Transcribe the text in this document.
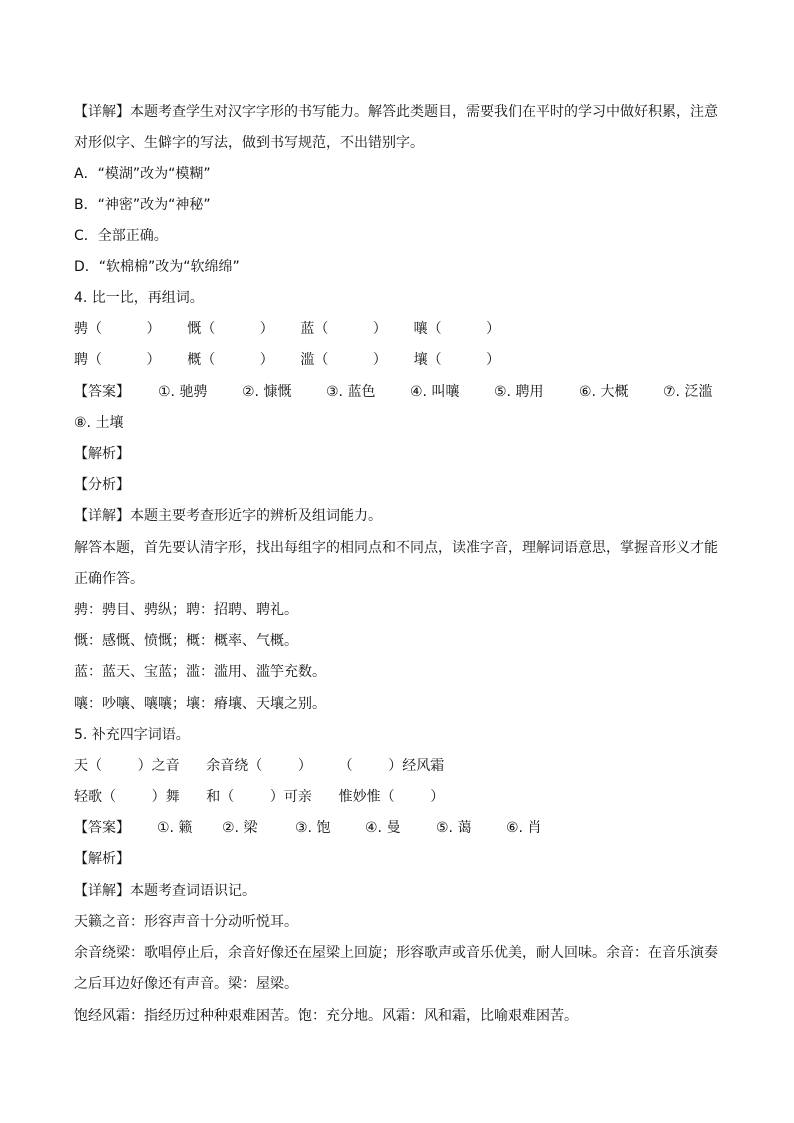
【详解】本题考查学生对汉字字形的书写能力。解答此类题目，需要我们在平时的学习中做好积累，注意
对形似字、生僻字的写法，做到书写规范，不出错别字。
A．“模湖”改为“模糊”
B．“神密”改为“神秘”
C．全部正确。
D．“软棉棉”改为“软绵绵”
4. 比一比，再组词。
骋（          ）      慨（          ）      蓝（          ）      嚷（          ）
聘（          ）      概（          ）      滥（          ）      壤（          ）
【答案】 ①. 驰骋 ②. 慷慨 ③. 蓝色 ④. 叫嚷 ⑤. 聘用	⑥. 大概 ⑦. 泛滥
⑧. 土壤
【解析】
【分析】
【详解】本题主要考查形近字的辨析及组词能力。
解答本题，首先要认清字形，找出每组字的相同点和不同点，读准字音，理解词语意思，掌握音形义才能
正确作答。
骋：骋目、骋纵；聘：招聘、聘礼。
慨：感慨、愤慨；概：概率、气概。
蓝：蓝天、宝蓝；滥：滥用、滥竽充数。
嚷：吵嚷、嚷嚷；壤：瘠壤、天壤之别。
5. 补充四字词语。
天（        ）之音      余音绕（        ）      （        ）经风霜
轻歌（        ）舞      和（        ）可亲      惟妙惟（        ）
【答案】 ①. 籁 ②. 梁	③. 饱 ④. 曼	⑤. 蔼 ⑥. 肖
【解析】
【详解】本题考查词语识记。
天籁之音：形容声音十分动听悦耳。
余音绕梁：歌唱停止后，余音好像还在屋梁上回旋；形容歌声或音乐优美，耐人回味。余音：在音乐演奏
之后耳边好像还有声音。梁：屋梁。
饱经风霜：指经历过种种艰难困苦。饱：充分地。风霜：风和霜，比喻艰难困苦。
